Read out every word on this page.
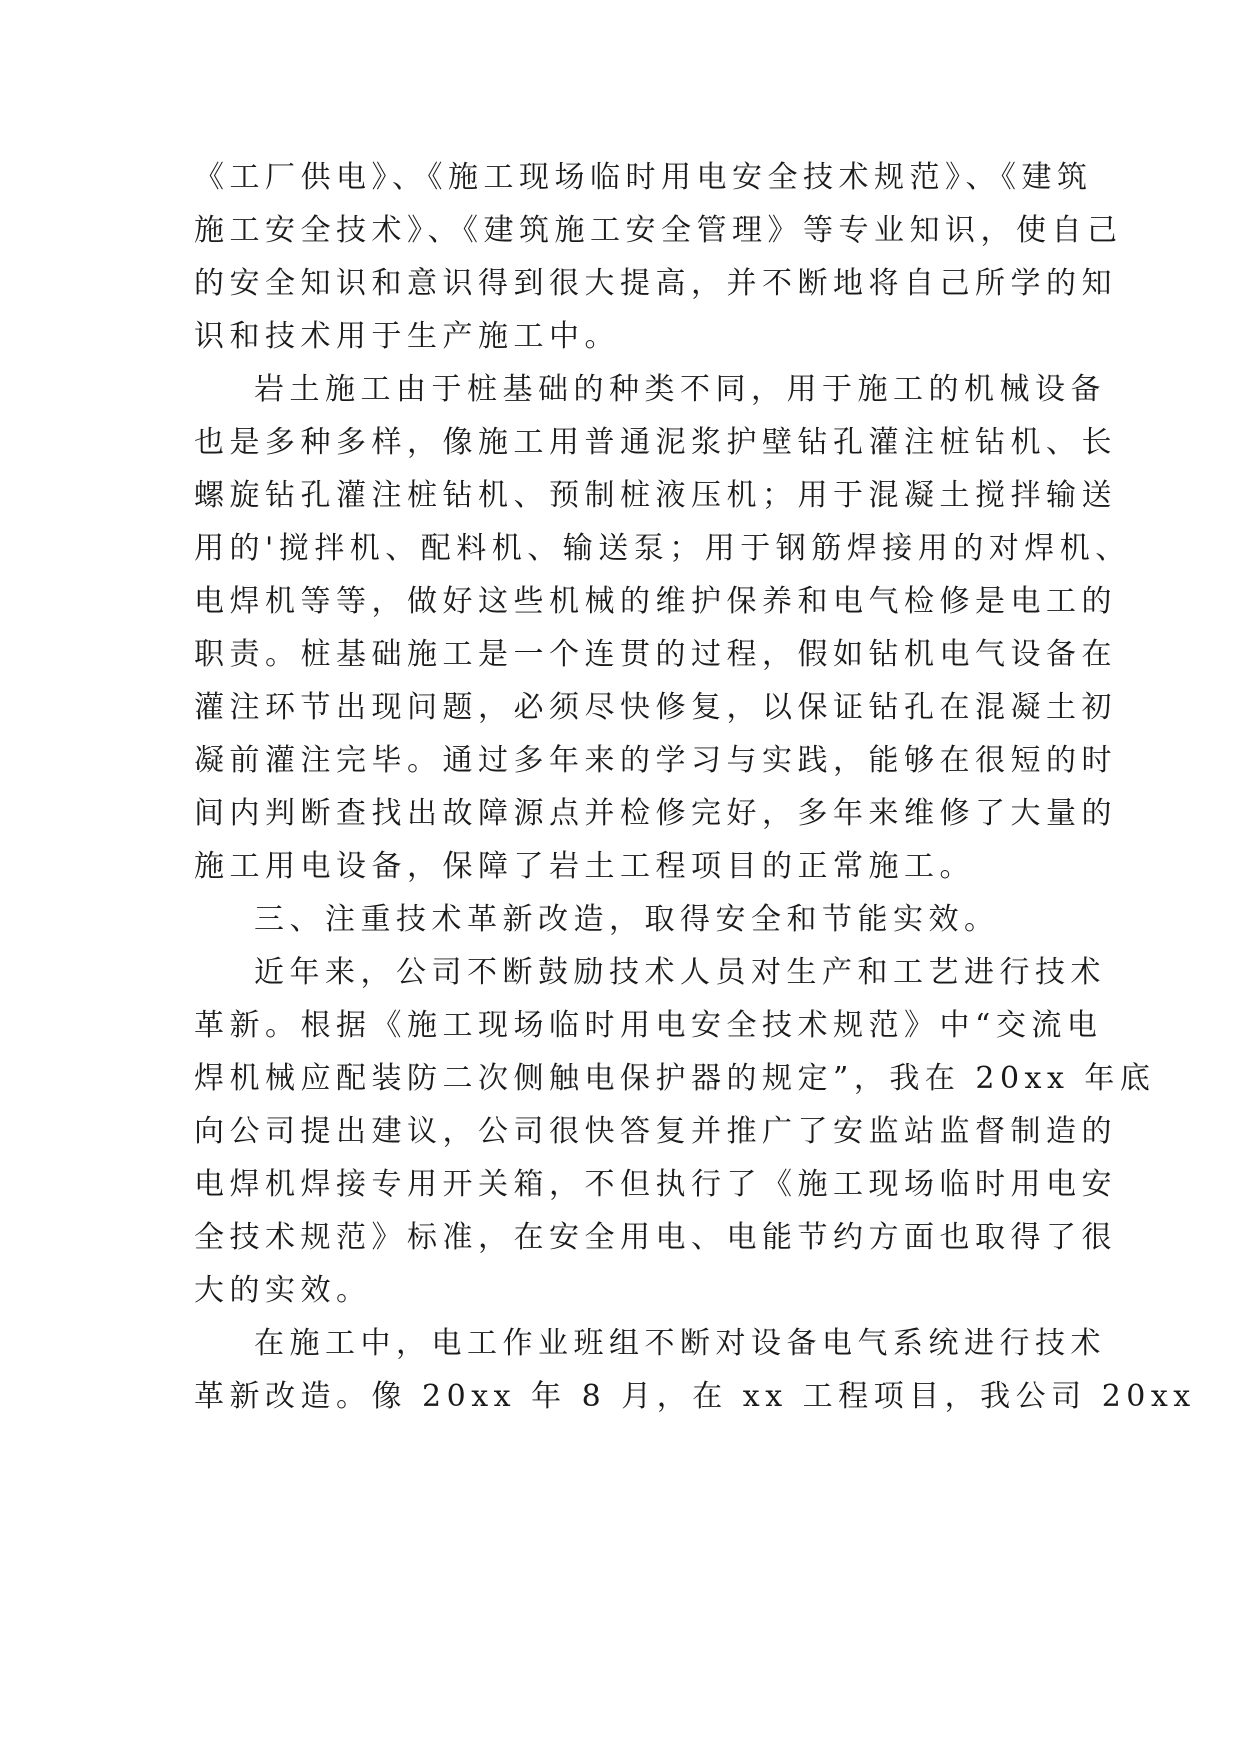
《工厂供电》、《施工现场临时用电安全技术规范》、《建筑
施工安全技术》、《建筑施工安全管理》等专业知识，使自己
的安全知识和意识得到很大提高，并不断地将自己所学的知
识和技术用于生产施工中。
岩土施工由于桩基础的种类不同，用于施工的机械设备
也是多种多样，像施工用普通泥浆护壁钻孔灌注桩钻机、长
螺旋钻孔灌注桩钻机、预制桩液压机；用于混凝土搅拌输送
用的'搅拌机、配料机、输送泵；用于钢筋焊接用的对焊机、
电焊机等等，做好这些机械的维护保养和电气检修是电工的
职责。桩基础施工是一个连贯的过程，假如钻机电气设备在
灌注环节出现问题，必须尽快修复，以保证钻孔在混凝土初
凝前灌注完毕。通过多年来的学习与实践，能够在很短的时
间内判断查找出故障源点并检修完好，多年来维修了大量的
施工用电设备，保障了岩土工程项目的正常施工。
三、注重技术革新改造，取得安全和节能实效。
近年来，公司不断鼓励技术人员对生产和工艺进行技术
革新。根据《施工现场临时用电安全技术规范》中“交流电
焊机械应配装防二次侧触电保护器的规定”，我在 20xx 年底
向公司提出建议，公司很快答复并推广了安监站监督制造的
电焊机焊接专用开关箱，不但执行了《施工现场临时用电安
全技术规范》标准，在安全用电、电能节约方面也取得了很
大的实效。
在施工中，电工作业班组不断对设备电气系统进行技术
革新改造。像 20xx 年 8 月，在 xx 工程项目，我公司 20xx
